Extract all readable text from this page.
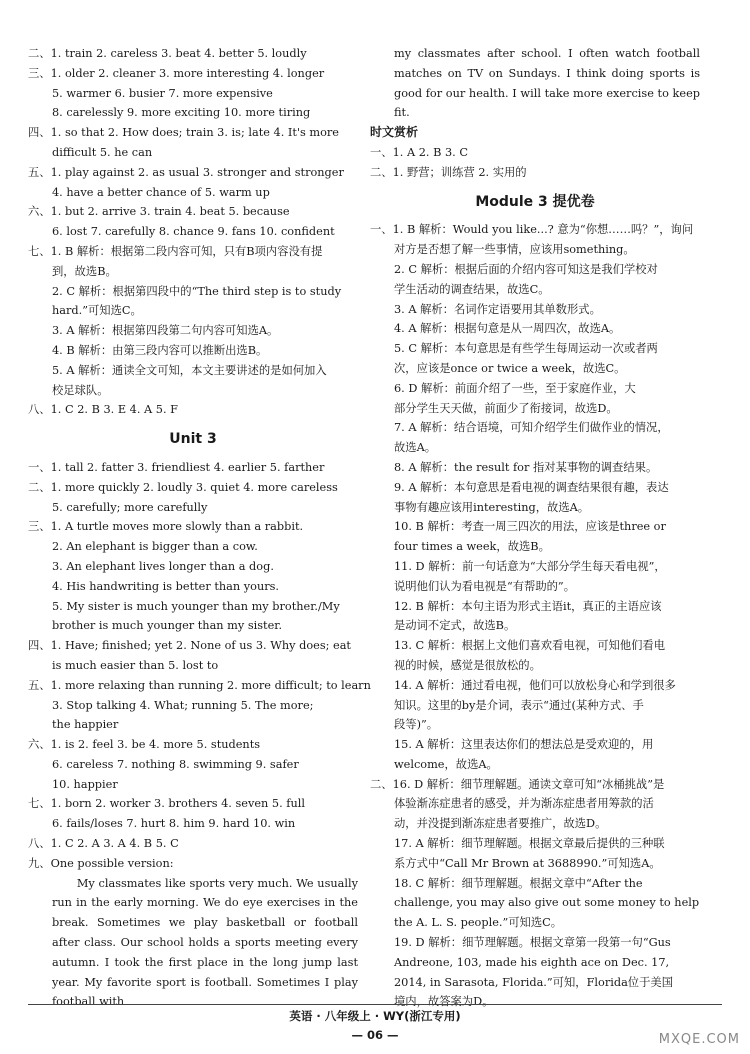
二、1. train 2. careless 3. beat 4. better 5. loudly
三、1. older 2. cleaner 3. more interesting 4. longer
5. warmer 6. busier 7. more expensive
8. carelessly 9. more exciting 10. more tiring
四、1. so that 2. How does; train 3. is; late 4. It's more
difficult 5. he can
五、1. play against 2. as usual 3. stronger and stronger
4. have a better chance of 5. warm up
六、1. but 2. arrive 3. train 4. beat 5. because
6. lost 7. carefully 8. chance 9. fans 10. confident
七、1. B 解析：根据第二段内容可知，只有B项内容没有提
到，故选B。
2. C 解析：根据第四段中的“The third step is to study
hard.”可知选C。
3. A 解析：根据第四段第二句内容可知选A。
4. B 解析：由第三段内容可以推断出选B。
5. A 解析：通读全文可知，本文主要讲述的是如何加入
校足球队。
八、1. C 2. B 3. E 4. A 5. F
Unit 3
一、1. tall 2. fatter 3. friendliest 4. earlier 5. farther
二、1. more quickly 2. loudly 3. quiet 4. more careless
5. carefully; more carefully
三、1. A turtle moves more slowly than a rabbit.
2. An elephant is bigger than a cow.
3. An elephant lives longer than a dog.
4. His handwriting is better than yours.
5. My sister is much younger than my brother./My
brother is much younger than my sister.
四、1. Have; finished; yet 2. None of us 3. Why does; eat
is much easier than 5. lost to
五、1. more relaxing than running 2. more difficult; to learn
3. Stop talking 4. What; running 5. The more;
the happier
六、1. is 2. feel 3. be 4. more 5. students
6. careless 7. nothing 8. swimming 9. safer
10. happier
七、1. born 2. worker 3. brothers 4. seven 5. full
6. fails/loses 7. hurt 8. him 9. hard 10. win
八、1. C 2. A 3. A 4. B 5. C
九、One possible version:
My classmates like sports very much. We usually run in the early morning. We do eye exercises in the break. Sometimes we play basketball or football after class. Our school holds a sports meeting every autumn. I took the first place in the long jump last year. My favorite sport is football. Sometimes I play football with
my classmates after school. I often watch football matches on TV on Sundays. I think doing sports is good for our health. I will take more exercise to keep fit.
时文赏析
一、1. A 2. B 3. C
二、1. 野营；训练营 2. 实用的
Module 3 提优卷
一、1. B 解析：Would you like...? 意为“你想……吗？”，询问
对方是否想了解一些事情，应该用something。
2. C 解析：根据后面的介绍内容可知这是我们学校对
学生活动的调查结果，故选C。
3. A 解析：名词作定语要用其单数形式。
4. A 解析：根据句意是从一周四次，故选A。
5. C 解析：本句意思是有些学生每周运动一次或者两
次，应该是once or twice a week，故选C。
6. D 解析：前面介绍了一些，至于家庭作业，大
部分学生天天做，前面少了衔接词，故选D。
7. A 解析：结合语境，可知介绍学生们做作业的情况，
故选A。
8. A 解析：the result for 指对某事物的调查结果。
9. A 解析：本句意思是看电视的调查结果很有趣，表达
事物有趣应该用interesting，故选A。
10. B 解析：考查一周三四次的用法，应该是three or
four times a week，故选B。
11. D 解析：前一句话意为“大部分学生每天看电视”，
说明他们认为看电视是“有帮助的”。
12. B 解析：本句主语为形式主语it，真正的主语应该
是动词不定式，故选B。
13. C 解析：根据上文他们喜欢看电视，可知他们看电
视的时候，感觉是很放松的。
14. A 解析：通过看电视，他们可以放松身心和学到很多
知识。这里的by是介词，表示“通过(某种方式、手
段等)”。
15. A 解析：这里表达你们的想法总是受欢迎的，用
welcome，故选A。
二、16. D 解析：细节理解题。通读文章可知“冰桶挑战”是
体验渐冻症患者的感受，并为渐冻症患者用筹款的活
动，并没提到渐冻症患者要推广，故选D。
17. A 解析：细节理解题。根据文章最后提供的三种联
系方式中“Call Mr Brown at 3688990.”可知选A。
18. C 解析：细节理解题。根据文章中“After the
challenge, you may also give out some money to help
the A. L. S. people.”可知选C。
19. D 解析：细节理解题。根据文章第一段第一句“Gus
Andreone, 103, made his eighth ace on Dec. 17,
2014, in Sarasota, Florida.”可知，Florida位于美国
境内，故答案为D。
英语 · 八年级上 · WY(浙江专用)
— 06 —	MXQE.COM
